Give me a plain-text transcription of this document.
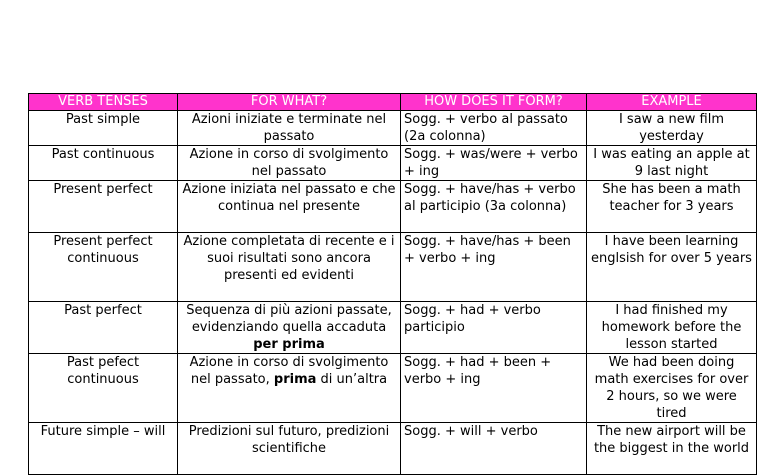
VERB TENSES	FOR WHAT?	HOW DOES IT FORM?	EXAMPLE
Past simple	Azioni iniziate e terminate nel passato	Sogg. + verbo al passato (2a colonna)	I saw a new film yesterday
Past continuous	Azione in corso di svolgimento nel passato	Sogg. + was/were + verbo + ing	I was eating an apple at 9 last night
Present perfect	Azione iniziata nel passato e che continua nel presente	Sogg. + have/has + verbo al participio (3a colonna)	She has been a math teacher for 3 years
Present perfect continuous	Azione completata di recente e i suoi risultati sono ancora presenti ed evidenti	Sogg. + have/has + been + verbo + ing	I have been learning englsish for over 5 years
Past perfect	Sequenza di più azioni passate, evidenziando quella accaduta per prima	Sogg. + had + verbo participio	I had finished my homework before the lesson started
Past pefect continuous	Azione in corso di svolgimento nel passato, prima di un’altra	Sogg. + had + been + verbo + ing	We had been doing math exercises for over 2 hours, so we were tired
Future simple – will	Predizioni sul futuro, predizioni scientifiche	Sogg. + will + verbo	The new airport will be the biggest in the world
